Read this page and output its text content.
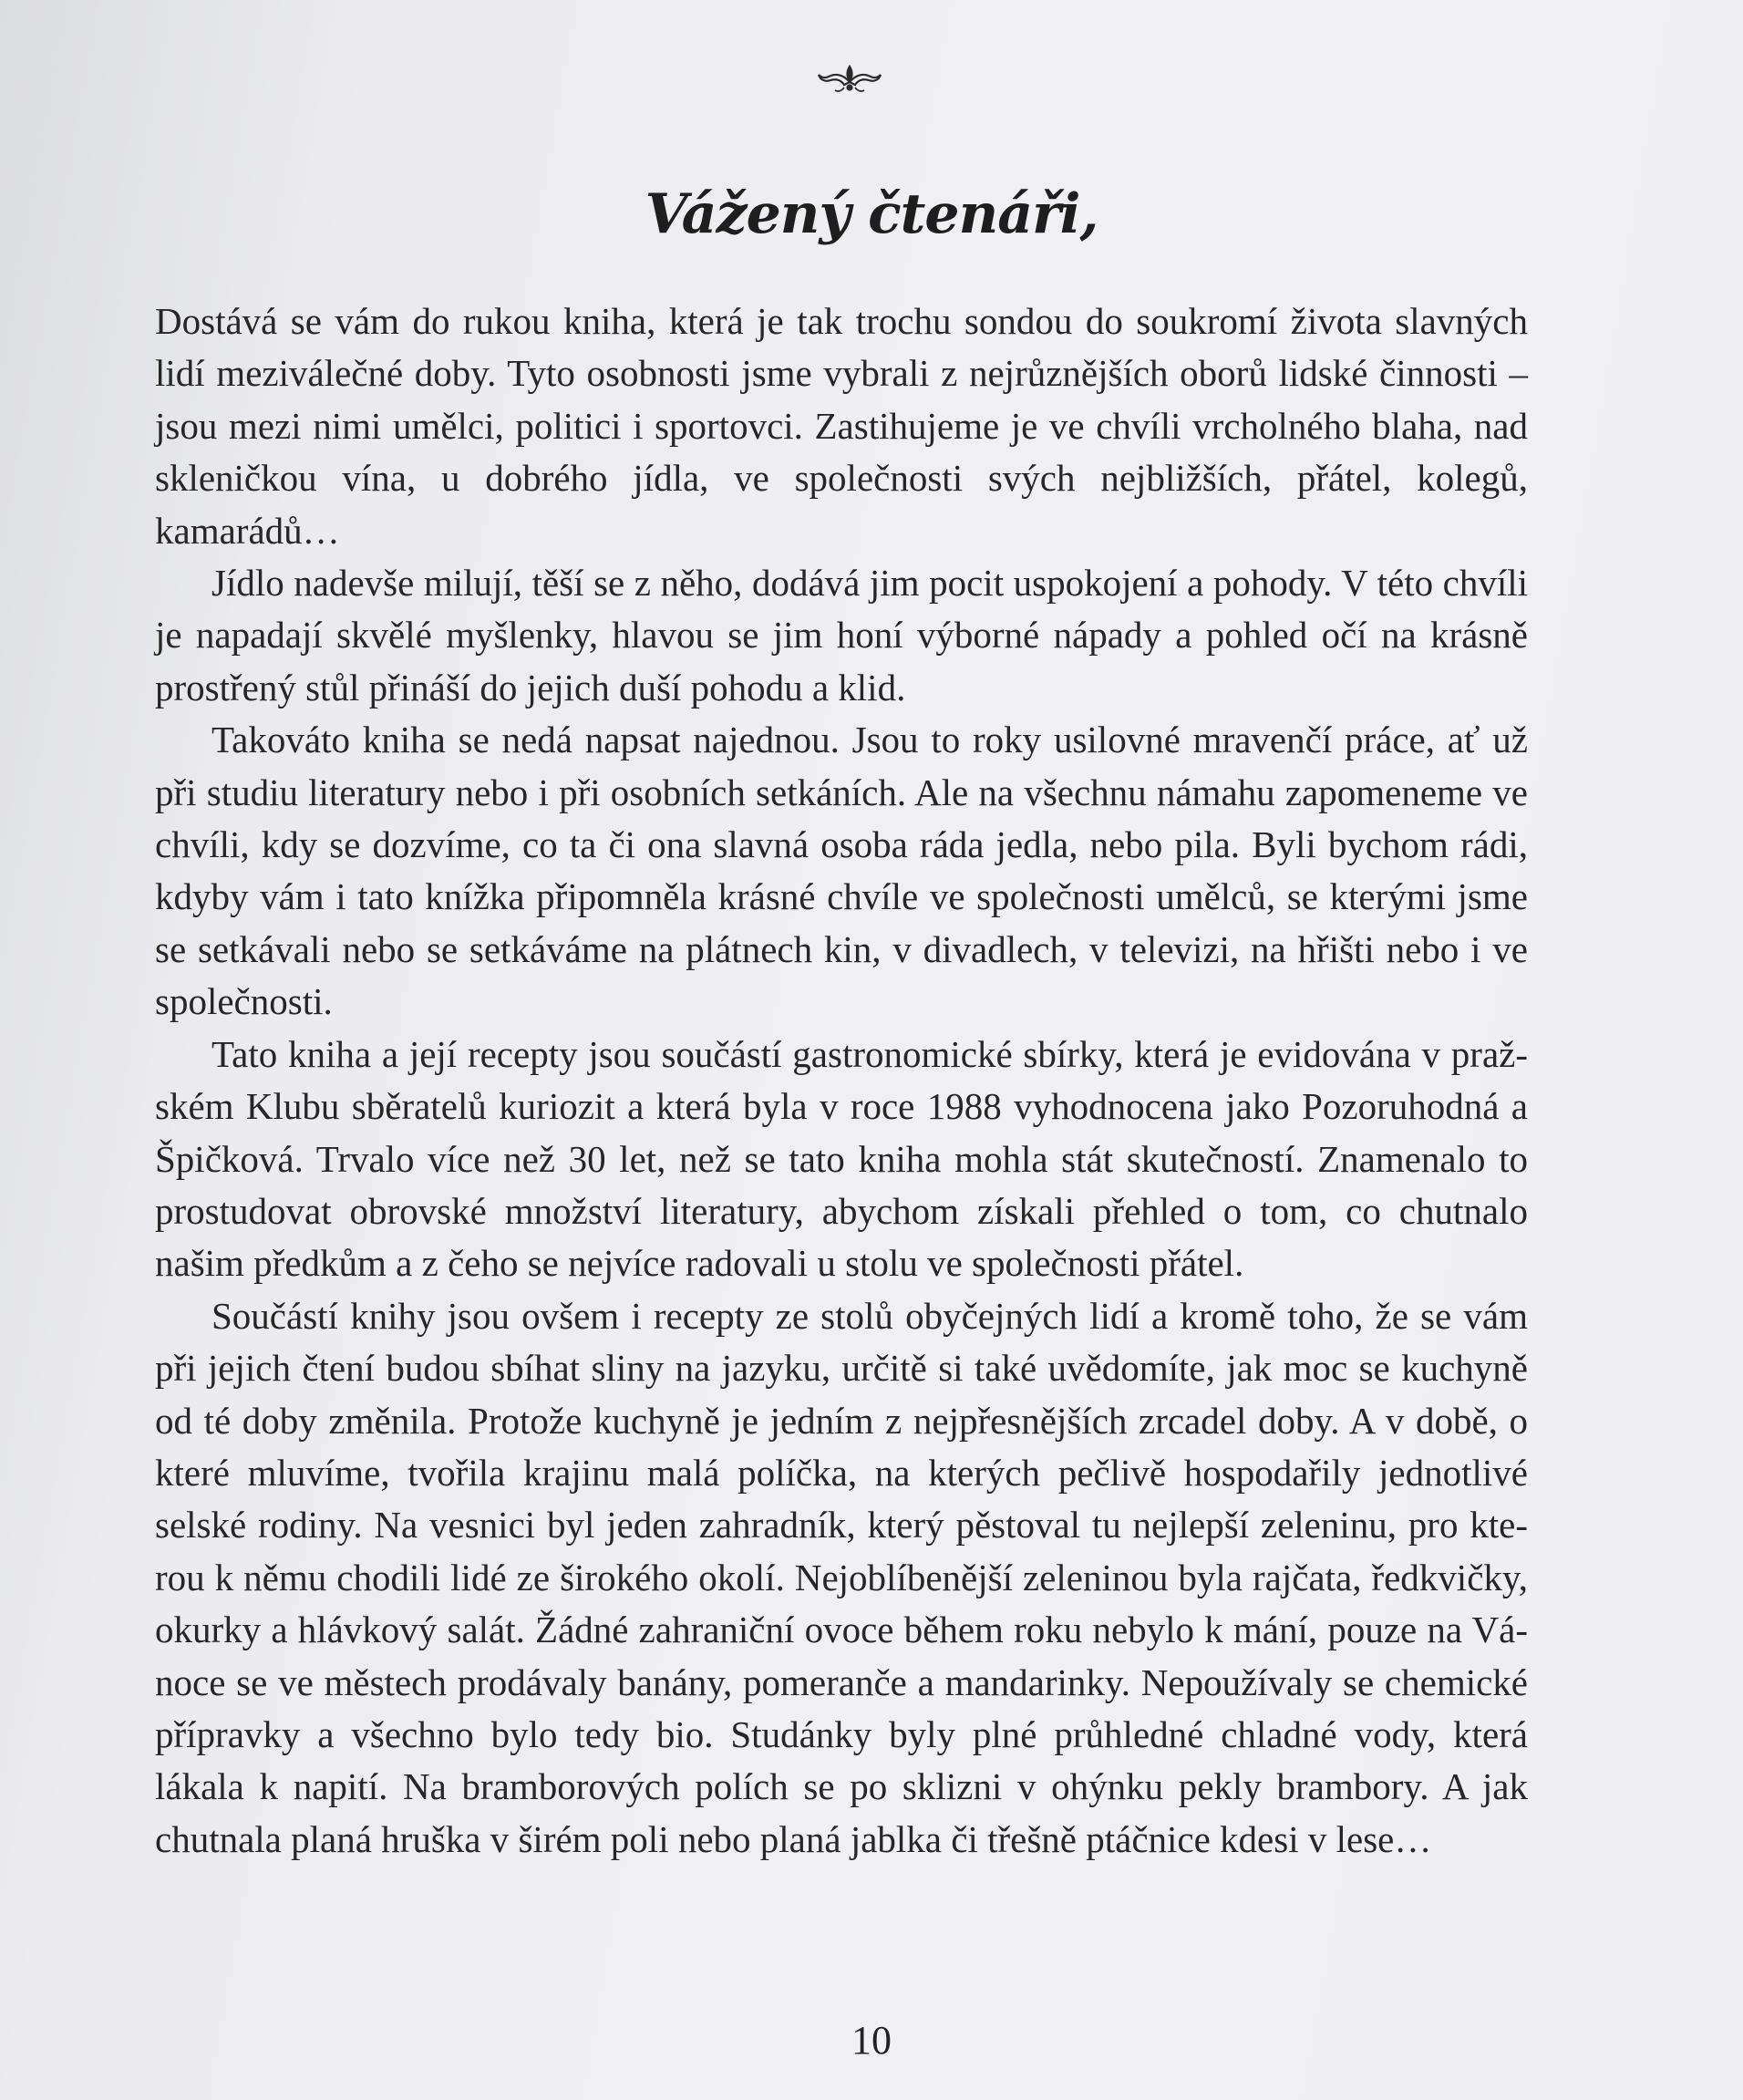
Vážený čtenáři,

Dostává se vám do rukou kniha, která je tak trochu sondou do soukromí života slavných lidí meziválečné doby. Tyto osobnosti jsme vybrali z nejrůznějších oborů lidské činnosti – jsou mezi nimi umělci, politici i sportovci. Zastihujeme je ve chvíli vrcholného blaha, nad skleničkou vína, u dobrého jídla, ve společnosti svých nejbližších, přátel, kolegů, kamarádů…

Jídlo nadevše milují, těší se z něho, dodává jim pocit uspokojení a pohody. V této chvíli je napadají skvělé myšlenky, hlavou se jim honí výborné nápady a pohled očí na krásně prostřený stůl přináší do jejich duší pohodu a klid.

Takováto kniha se nedá napsat najednou. Jsou to roky usilovné mravenčí práce, ať už při studiu literatury nebo i při osobních setkáních. Ale na všechnu námahu zapomeneme ve chvíli, kdy se dozvíme, co ta či ona slavná osoba ráda jedla, nebo pila. Byli bychom rádi, kdyby vám i tato knížka připomněla krásné chvíle ve společnosti umělců, se kterými jsme se setkávali nebo se setkáváme na plátnech kin, v divadlech, v televizi, na hřišti nebo i ve společnosti.

Tato kniha a její recepty jsou součástí gastronomické sbírky, která je evidována v pražském Klubu sběratelů kuriozit a která byla v roce 1988 vyhodnocena jako Pozoruhodná a Špičková. Trvalo více než 30 let, než se tato kniha mohla stát skutečností. Znamenalo to prostudovat obrovské množství literatury, abychom získali přehled o tom, co chutnalo našim předkům a z čeho se nejvíce radovali u stolu ve společnosti přátel.

Součástí knihy jsou ovšem i recepty ze stolů obyčejných lidí a kromě toho, že se vám při jejich čtení budou sbíhat sliny na jazyku, určitě si také uvědomíte, jak moc se kuchyně od té doby změnila. Protože kuchyně je jedním z nejpřesnějších zrcadel doby. A v době, o které mluvíme, tvořila krajinu malá políčka, na kterých pečlivě hospodařily jednotlivé selské rodiny. Na vesnici byl jeden zahradník, který pěstoval tu nejlepší zeleninu, pro kterou k němu chodili lidé ze širokého okolí. Nejoblíbenější zeleninou byla rajčata, ředkvičky, okurky a hlávkový salát. Žádné zahraniční ovoce během roku nebylo k mání, pouze na Vánoce se ve městech prodávaly banány, pomeranče a mandarinky. Nepoužívaly se chemické přípravky a všechno bylo tedy bio. Studánky byly plné průhledné chladné vody, která lákala k napití. Na bramborových polích se po sklizni v ohýnku pekly brambory. A jak chutnala planá hruška v širém poli nebo planá jablka či třešně ptáčnice kdesi v lese…

10
